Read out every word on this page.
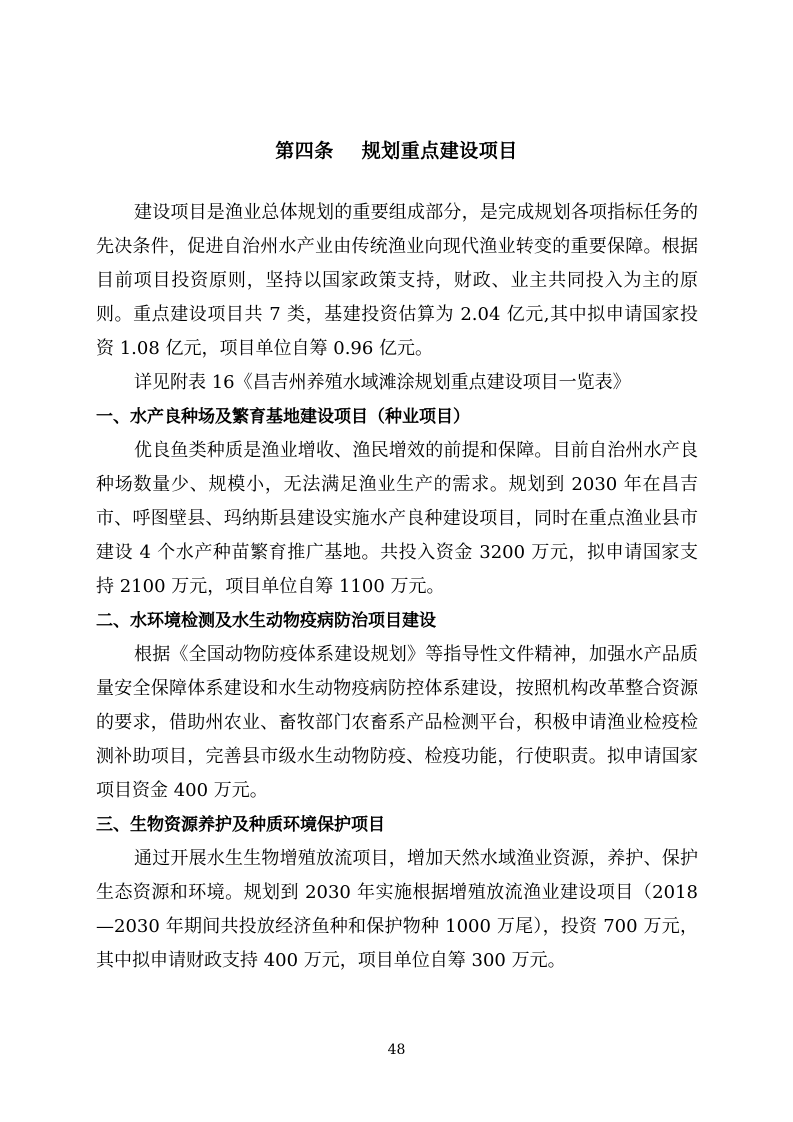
第四条 规划重点建设项目

建设项目是渔业总体规划的重要组成部分，是完成规划各项指标任务的先决条件，促进自治州水产业由传统渔业向现代渔业转变的重要保障。根据目前项目投资原则，坚持以国家政策支持，财政、业主共同投入为主的原则。重点建设项目共 7 类，基建投资估算为 2.04 亿元,其中拟申请国家投资 1.08 亿元，项目单位自筹 0.96 亿元。

详见附表 16《昌吉州养殖水域滩涂规划重点建设项目一览表》

一、水产良种场及繁育基地建设项目（种业项目）

优良鱼类种质是渔业增收、渔民增效的前提和保障。目前自治州水产良种场数量少、规模小，无法满足渔业生产的需求。规划到 2030 年在昌吉市、呼图壁县、玛纳斯县建设实施水产良种建设项目，同时在重点渔业县市建设 4 个水产种苗繁育推广基地。共投入资金 3200 万元，拟申请国家支持 2100 万元，项目单位自筹 1100 万元。

二、水环境检测及水生动物疫病防治项目建设

根据《全国动物防疫体系建设规划》等指导性文件精神，加强水产品质量安全保障体系建设和水生动物疫病防控体系建设，按照机构改革整合资源的要求，借助州农业、畜牧部门农畜系产品检测平台，积极申请渔业检疫检测补助项目，完善县市级水生动物防疫、检疫功能，行使职责。拟申请国家项目资金 400 万元。

三、生物资源养护及种质环境保护项目

通过开展水生生物增殖放流项目，增加天然水域渔业资源，养护、保护生态资源和环境。规划到 2030 年实施根据增殖放流渔业建设项目（2018—2030 年期间共投放经济鱼种和保护物种 1000 万尾），投资 700 万元，其中拟申请财政支持 400 万元，项目单位自筹 300 万元。

48
